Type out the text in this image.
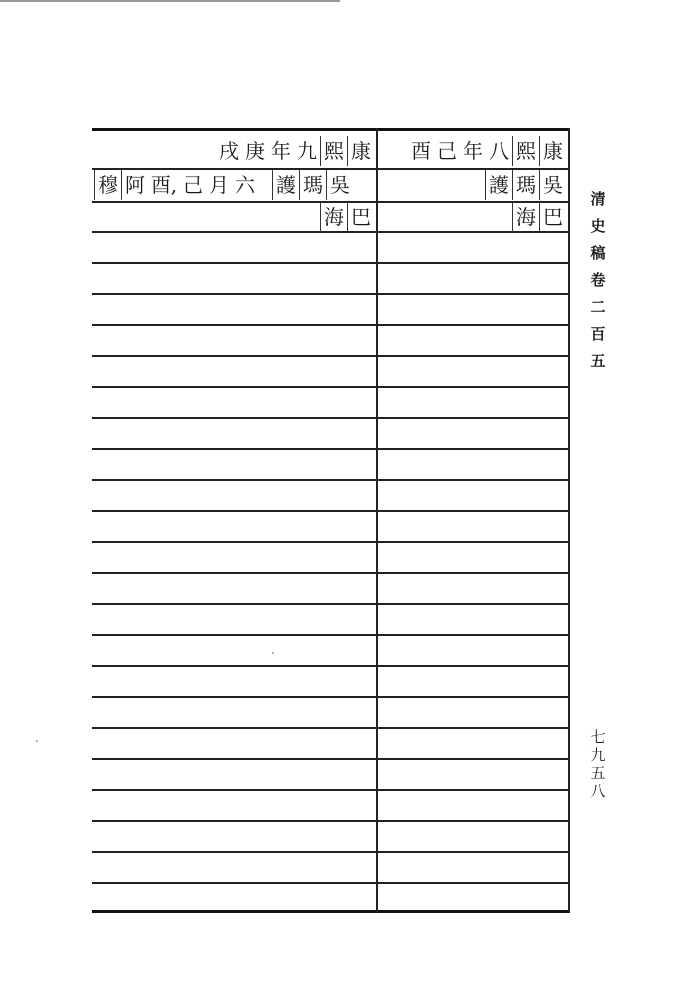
酉 己 年 八 熙 康
護 瑪 吳
海 巴
戌 庚 年 九 熙 康
穆 阿 酉, 己 月 六 護 瑪 吳
海 巴
清
史
稿
卷
二
百
五
七
九
五
八
